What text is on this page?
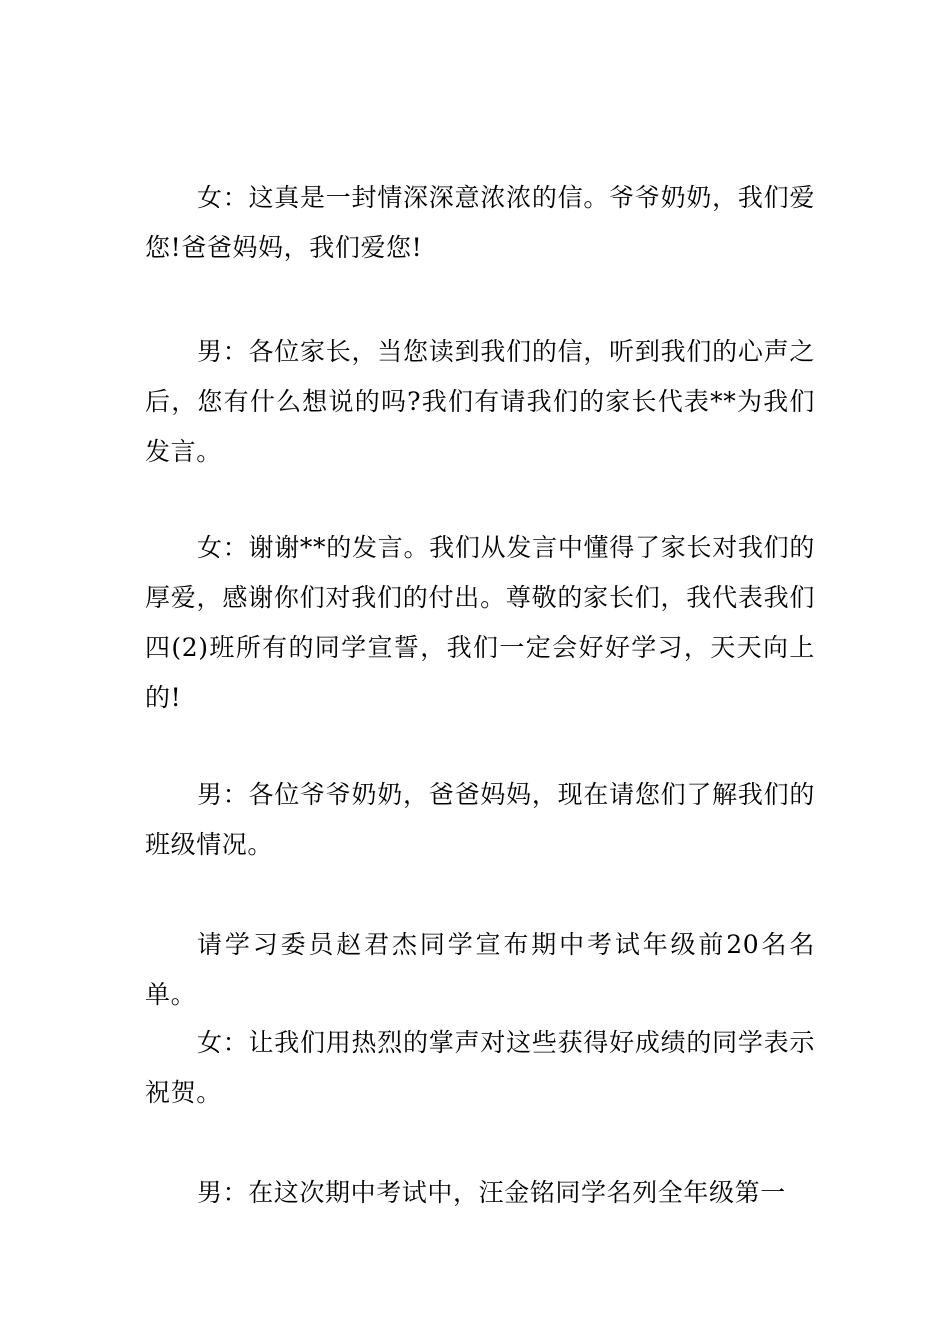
女：这真是一封情深深意浓浓的信。爷爷奶奶，我们爱您!爸爸妈妈，我们爱您!

男：各位家长，当您读到我们的信，听到我们的心声之后，您有什么想说的吗?我们有请我们的家长代表**为我们发言。

女：谢谢**的发言。我们从发言中懂得了家长对我们的厚爱，感谢你们对我们的付出。尊敬的家长们，我代表我们四(2)班所有的同学宣誓，我们一定会好好学习，天天向上的!

男：各位爷爷奶奶，爸爸妈妈，现在请您们了解我们的班级情况。

请学习委员赵君杰同学宣布期中考试年级前20名名单。

女：让我们用热烈的掌声对这些获得好成绩的同学表示祝贺。

男：在这次期中考试中，汪金铭同学名列全年级第一
